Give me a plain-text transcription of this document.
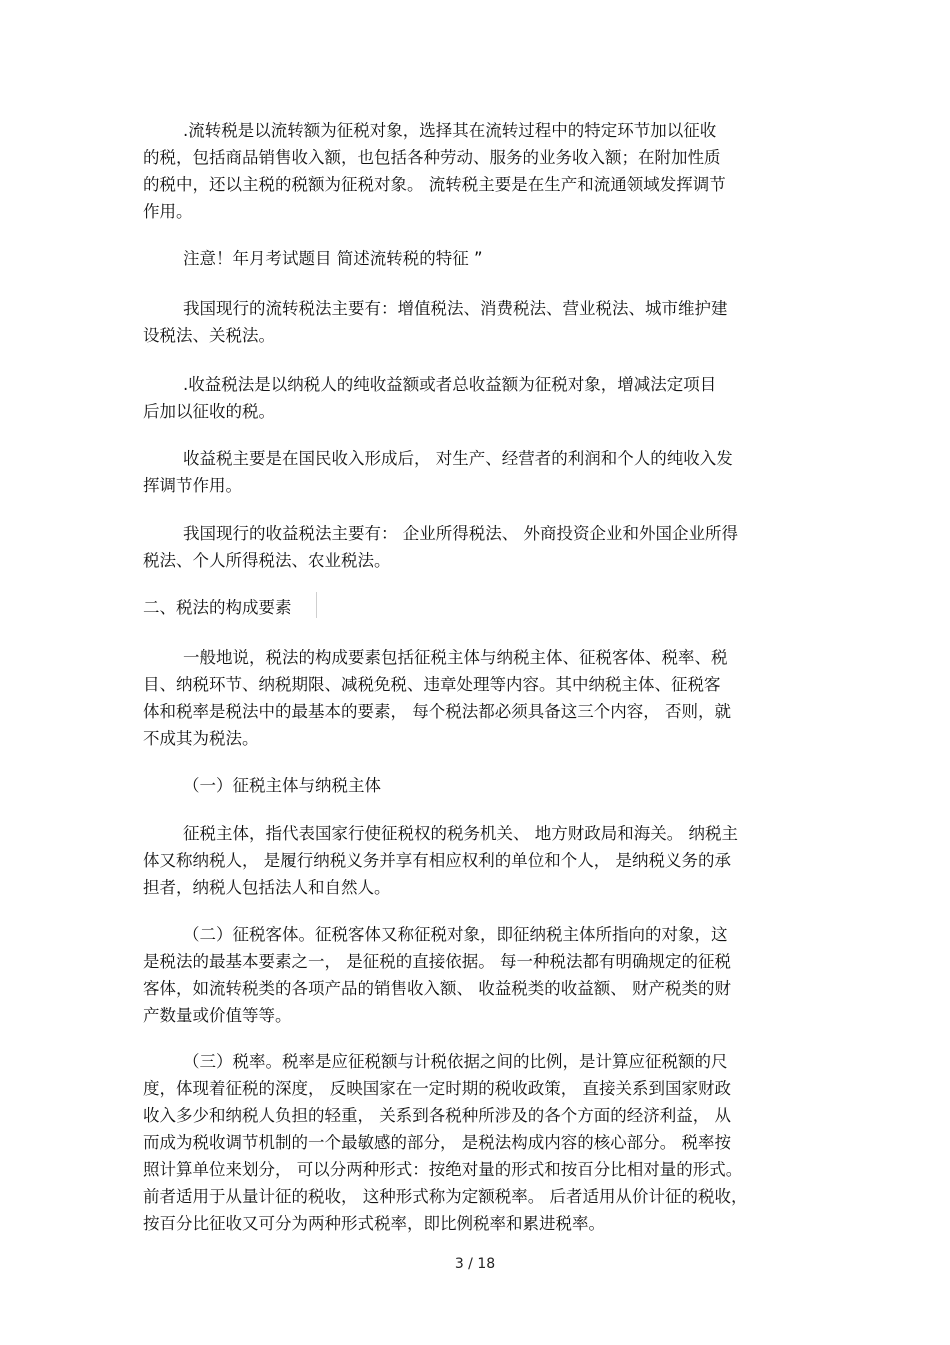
.流转税是以流转额为征税对象，选择其在流转过程中的特定环节加以征收
的税，包括商品销售收入额，也包括各种劳动、服务的业务收入额；在附加性质
的税中，还以主税的税额为征税对象。 流转税主要是在生产和流通领域发挥调节
作用。
注意！年月考试题目 简述流转税的特征 ”
我国现行的流转税法主要有：增值税法、消费税法、营业税法、城市维护建
设税法、关税法。
.收益税法是以纳税人的纯收益额或者总收益额为征税对象，增减法定项目
后加以征收的税。
收益税主要是在国民收入形成后， 对生产、经营者的利润和个人的纯收入发
挥调节作用。
我国现行的收益税法主要有： 企业所得税法、 外商投资企业和外国企业所得
税法、个人所得税法、农业税法。
二、税法的构成要素
一般地说，税法的构成要素包括征税主体与纳税主体、征税客体、税率、税
目、纳税环节、纳税期限、减税免税、违章处理等内容。其中纳税主体、征税客
体和税率是税法中的最基本的要素， 每个税法都必须具备这三个内容， 否则，就
不成其为税法。
（一）征税主体与纳税主体
征税主体，指代表国家行使征税权的税务机关、 地方财政局和海关。 纳税主
体又称纳税人， 是履行纳税义务并享有相应权利的单位和个人， 是纳税义务的承
担者，纳税人包括法人和自然人。
（二）征税客体。征税客体又称征税对象，即征纳税主体所指向的对象，这
是税法的最基本要素之一， 是征税的直接依据。 每一种税法都有明确规定的征税
客体，如流转税类的各项产品的销售收入额、 收益税类的收益额、 财产税类的财
产数量或价值等等。
（三）税率。税率是应征税额与计税依据之间的比例，是计算应征税额的尺
度，体现着征税的深度， 反映国家在一定时期的税收政策， 直接关系到国家财政
收入多少和纳税人负担的轻重， 关系到各税种所涉及的各个方面的经济利益， 从
而成为税收调节机制的一个最敏感的部分， 是税法构成内容的核心部分。 税率按
照计算单位来划分， 可以分两种形式：按绝对量的形式和按百分比相对量的形式。
前者适用于从量计征的税收， 这种形式称为定额税率。 后者适用从价计征的税收，
按百分比征收又可分为两种形式税率，即比例税率和累进税率。
3 / 18
